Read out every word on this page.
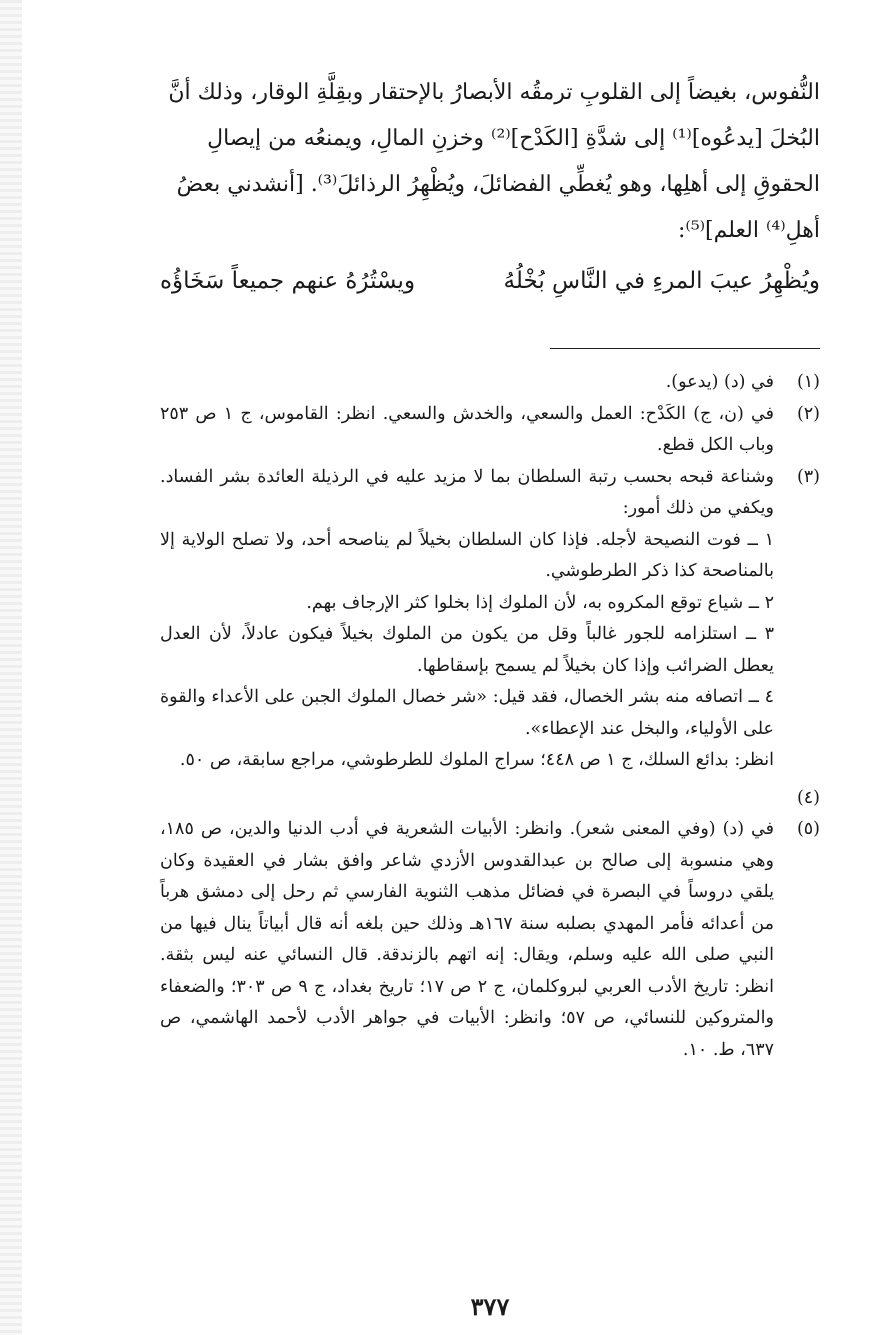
النُّفوس، بغيضاً إلى القلوبِ ترمقُه الأبصارُ بالإحتقار وبقِلَّةِ الوقار، وذلك أنَّ

البُخلَ [يدعُوه]⁽¹⁾ إلى شدَّةِ [الكَدْح]⁽²⁾ وخزنِ المالِ، ويمنعُه من إيصالِ

الحقوقِ إلى أهلِها، وهو يُغطِّي الفضائلَ، ويُظْهِرُ الرذائلَ⁽³⁾. [أنشدني بعضُ

أهلِ⁽⁴⁾ العلم]⁽⁵⁾:

ويُظْهِرُ عيبَ المرءِ في النَّاسِ بُخْلُهُ
ويسْتُرُهُ عنهم جميعاً سَخَاؤُه
(١)

في (د) (يدعو).

(٢)

في (ن، ج) الكَدْح: العمل والسعي، والخدش والسعي. انظر: القاموس، ج ١ ص ٢٥٣ وباب الكل قطع.

(٣)

وشناعة قبحه بحسب رتبة السلطان بما لا مزيد عليه في الرذيلة العائدة بشر الفساد. ويكفي من ذلك أمور:

١ ــ فوت النصيحة لأجله. فإذا كان السلطان بخيلاً لم يناصحه أحد، ولا تصلح الولاية إلا بالمناصحة كذا ذكر الطرطوشي.

٢ ــ شياع توقع المكروه به، لأن الملوك إذا بخلوا كثر الإرجاف بهم.

٣ ــ استلزامه للجور غالباً وقل من يكون من الملوك بخيلاً فيكون عادلاً، لأن العدل يعطل الضرائب وإذا كان بخيلاً لم يسمح بإسقاطها.

٤ ــ اتصافه منه بشر الخصال، فقد قيل: «شر خصال الملوك الجبن على الأعداء والقوة على الأولياء، والبخل عند الإعطاء».

انظر: بدائع السلك، ج ١ ص ٤٤٨؛ سراج الملوك للطرطوشي، مراجع سابقة، ص ٥٠.

(٤)

(٥)

في (د) (وفي المعنى شعر). وانظر: الأبيات الشعرية في أدب الدنيا والدين، ص ١٨٥، وهي منسوبة إلى صالح بن عبدالقدوس الأزدي شاعر وافق بشار في العقيدة وكان يلقي دروساً في البصرة في فضائل مذهب الثنوية الفارسي ثم رحل إلى دمشق هرباً من أعدائه فأمر المهدي بصلبه سنة ١٦٧هـ وذلك حين بلغه أنه قال أبياتاً ينال فيها من النبي صلى الله عليه وسلم، ويقال: إنه اتهم بالزندقة. قال النسائي عنه ليس بثقة. انظر: تاريخ الأدب العربي لبروكلمان، ج ٢ ص ١٧؛ تاريخ بغداد، ج ٩ ص ٣٠٣؛ والضعفاء والمتروكين للنسائي، ص ٥٧؛ وانظر: الأبيات في جواهر الأدب لأحمد الهاشمي، ص ٦٣٧، ط. ١٠.

٣٧٧
